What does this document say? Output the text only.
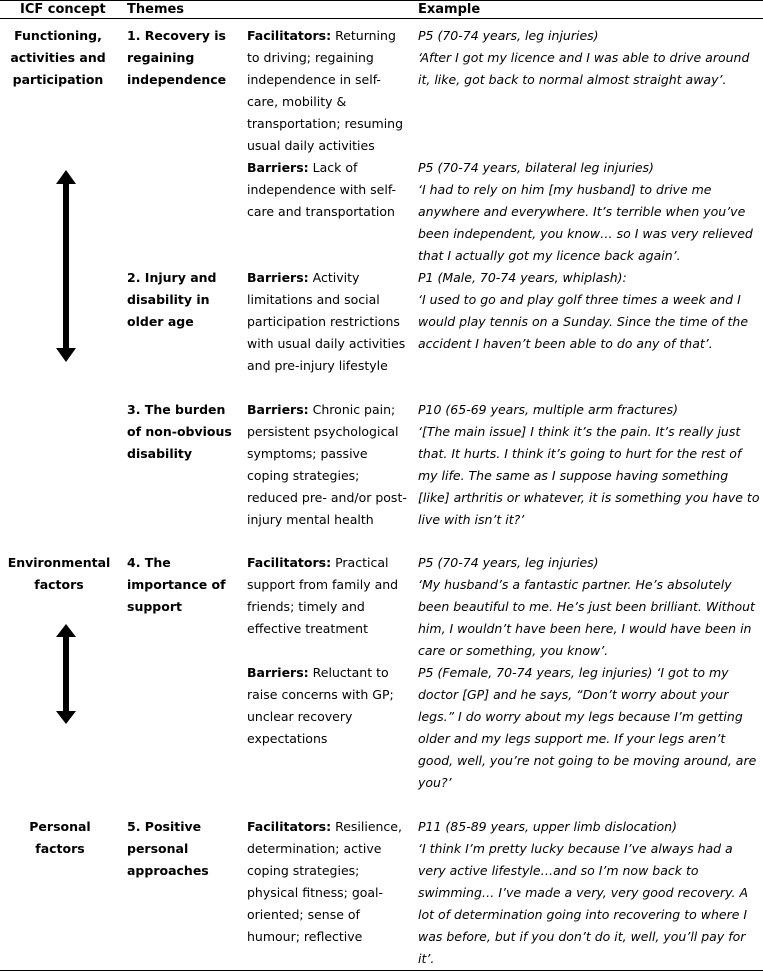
ICF concept Themes	Example
Functioning, activities and participation
Environmental factors
Personal factors
1. Recovery is regaining independence
2. Injury and disability in older age
3. The burden of non-obvious disability
4. The importance of support
5. Positive personal approaches
Facilitators: Returning to driving; regaining independence in self-care, mobility & transportation; resuming usual daily activities
Barriers: Lack of independence with self-care and transportation
Barriers: Activity limitations and social participation restrictions with usual daily activities and pre-injury lifestyle
Barriers: Chronic pain; persistent psychological symptoms; passive coping strategies; reduced pre- and/or post-injury mental health
Facilitators: Practical support from family and friends; timely and effective treatment
Barriers: Reluctant to raise concerns with GP; unclear recovery expectations
Facilitators: Resilience, determination; active coping strategies; physical fitness; goal-oriented; sense of humour; reflective
P5 (70-74 years, leg injuries)
‘After I got my licence and I was able to drive around it, like, got back to normal almost straight away’.
P5 (70-74 years, bilateral leg injuries)
‘I had to rely on him [my husband] to drive me anywhere and everywhere. It’s terrible when you’ve been independent, you know… so I was very relieved that I actually got my licence back again’.
P1 (Male, 70-74 years, whiplash):
‘I used to go and play golf three times a week and I would play tennis on a Sunday. Since the time of the accident I haven’t been able to do any of that’.
P10 (65-69 years, multiple arm fractures)
‘[The main issue] I think it’s the pain. It’s really just that. It hurts. I think it’s going to hurt for the rest of my life. The same as I suppose having something [like] arthritis or whatever, it is something you have to live with isn’t it?’
P5 (70-74 years, leg injuries)
‘My husband’s a fantastic partner. He’s absolutely been beautiful to me. He’s just been brilliant. Without him, I wouldn’t have been here, I would have been in care or something, you know’.
P5 (Female, 70-74 years, leg injuries) ‘I got to my doctor [GP] and he says, “Don’t worry about your legs.” I do worry about my legs because I’m getting older and my legs support me. If your legs aren’t good, well, you’re not going to be moving around, are you?’
P11 (85-89 years, upper limb dislocation)
‘I think I’m pretty lucky because I’ve always had a very active lifestyle…and so I’m now back to swimming… I’ve made a very, very good recovery. A lot of determination going into recovering to where I was before, but if you don’t do it, well, you’ll pay for it’.
